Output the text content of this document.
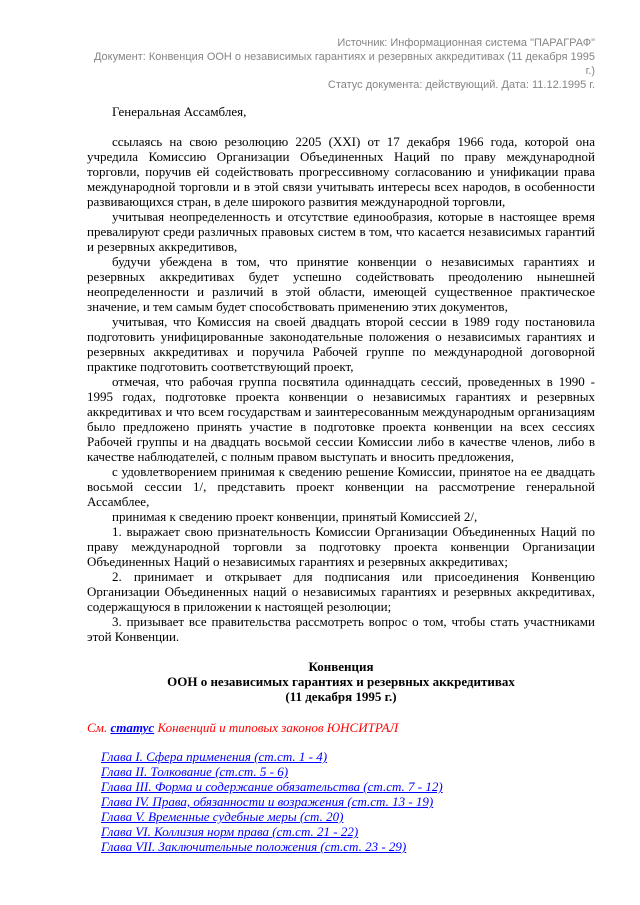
Источник: Информационная система "ПАРАГРАФ"
Документ: Конвенция ООН о независимых гарантиях и резервных аккредитивах (11 декабря 1995 г.)
Статус документа: действующий. Дата: 11.12.1995 г.

Генеральная Ассамблея,

ссылаясь на свою резолюцию 2205 (XXI) от 17 декабря 1966 года, которой она учредила Комиссию Организации Объединенных Наций по праву международной торговли, поручив ей содействовать прогрессивному согласованию и унификации права международной торговли и в этой связи учитывать интересы всех народов, в особенности развивающихся стран, в деле широкого развития международной торговли,

учитывая неопределенность и отсутствие единообразия, которые в настоящее время превалируют среди различных правовых систем в том, что касается независимых гарантий и резервных аккредитивов,

будучи убеждена в том, что принятие конвенции о независимых гарантиях и резервных аккредитивах будет успешно содействовать преодолению нынешней неопределенности и различий в этой области, имеющей существенное практическое значение, и тем самым будет способствовать применению этих документов,

учитывая, что Комиссия на своей двадцать второй сессии в 1989 году постановила подготовить унифицированные законодательные положения о независимых гарантиях и резервных аккредитивах и поручила Рабочей группе по международной договорной практике подготовить соответствующий проект,

отмечая, что рабочая группа посвятила одиннадцать сессий, проведенных в 1990 - 1995 годах, подготовке проекта конвенции о независимых гарантиях и резервных аккредитивах и что всем государствам и заинтересованным международным организациям было предложено принять участие в подготовке проекта конвенции на всех сессиях Рабочей группы и на двадцать восьмой сессии Комиссии либо в качестве членов, либо в качестве наблюдателей, с полным правом выступать и вносить предложения,

с удовлетворением принимая к сведению решение Комиссии, принятое на ее двадцать восьмой сессии 1/, представить проект конвенции на рассмотрение генеральной Ассамблее,

принимая к сведению проект конвенции, принятый Комиссией 2/,

1. выражает свою признательность Комиссии Организации Объединенных Наций по праву международной торговли за подготовку проекта конвенции Организации Объединенных Наций о независимых гарантиях и резервных аккредитивах;

2. принимает и открывает для подписания или присоединения Конвенцию Организации Объединенных наций о независимых гарантиях и резервных аккредитивах, содержащуюся в приложении к настоящей резолюции;

3. призывает все правительства рассмотреть вопрос о том, чтобы стать участниками этой Конвенции.

Конвенция
ООН о независимых гарантиях и резервных аккредитивах
(11 декабря 1995 г.)
См. статус Конвенций и типовых законов ЮНСИТРАЛ
Глава I. Сфера применения (ст.ст. 1 - 4)
Глава II. Толкование (ст.ст. 5 - 6)
Глава III. Форма и содержание обязательства (ст.ст. 7 - 12)
Глава IV. Права, обязанности и возражения (ст.ст. 13 - 19)
Глава V. Временные судебные меры (ст. 20)
Глава VI. Коллизия норм права (ст.ст. 21 - 22)
Глава VII. Заключительные положения (ст.ст. 23 - 29)
